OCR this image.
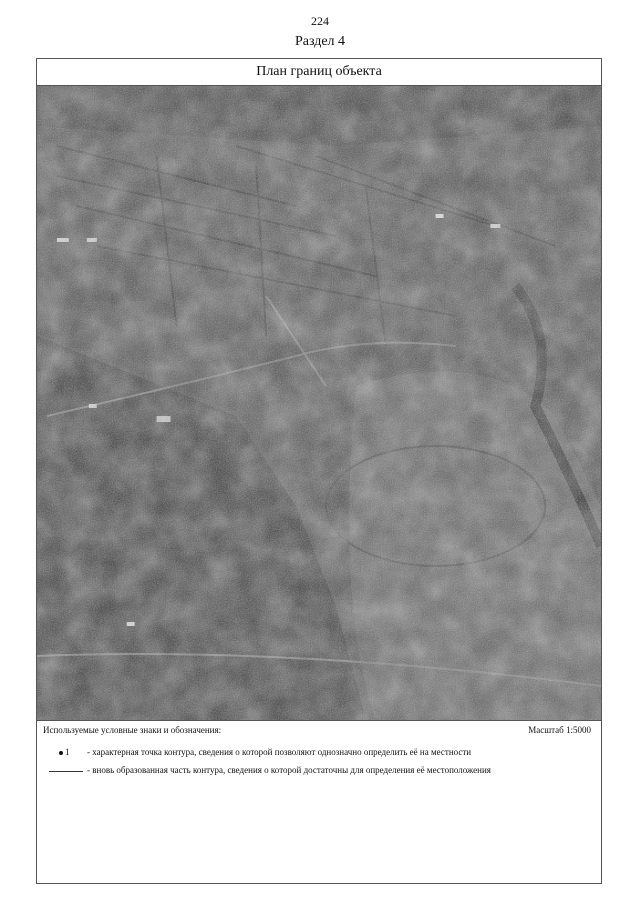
224
Раздел 4
План границ объекта
Используемые условные знаки и обозначения:	Масштаб 1:5000
1 - характерная точка контура, сведения о которой позволяют однозначно определить её на местности
- вновь образованная часть контура, сведения о которой достаточны для определения её местоположения
